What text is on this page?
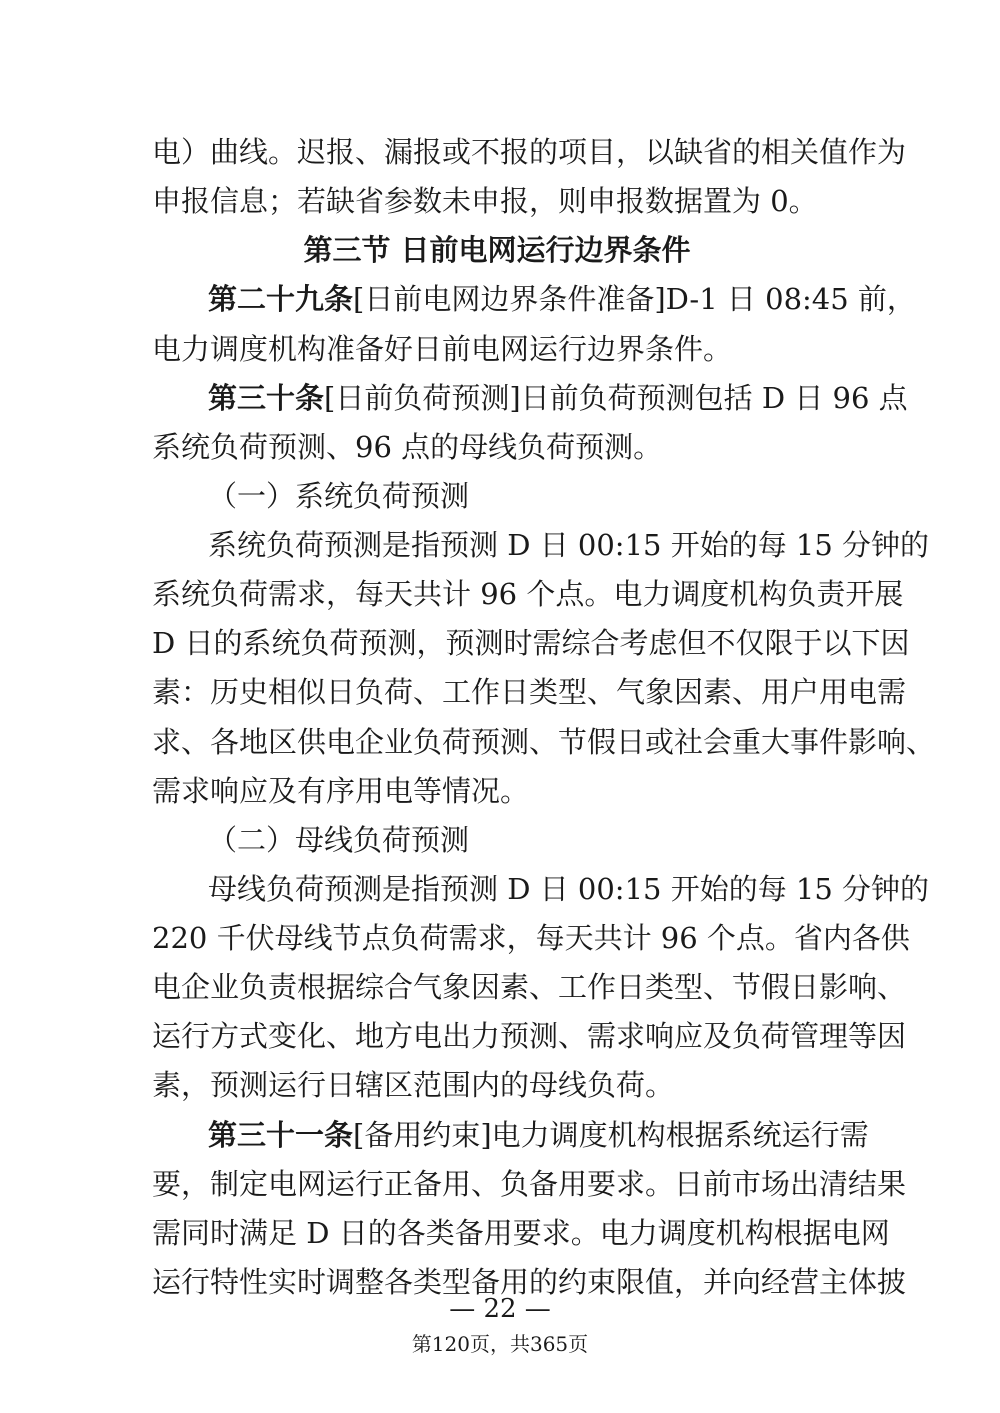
电）曲线。迟报、漏报或不报的项目，以缺省的相关值作为
申报信息；若缺省参数未申报，则申报数据置为 0。
第三节 日前电网运行边界条件
第二十九条[日前电网边界条件准备]D-1 日 08:45 前，
电力调度机构准备好日前电网运行边界条件。
第三十条[日前负荷预测]日前负荷预测包括 D 日 96 点
系统负荷预测、96 点的母线负荷预测。
（一）系统负荷预测
系统负荷预测是指预测 D 日 00:15 开始的每 15 分钟的
系统负荷需求，每天共计 96 个点。电力调度机构负责开展
D 日的系统负荷预测，预测时需综合考虑但不仅限于以下因
素：历史相似日负荷、工作日类型、气象因素、用户用电需
求、各地区供电企业负荷预测、节假日或社会重大事件影响、
需求响应及有序用电等情况。
（二）母线负荷预测
母线负荷预测是指预测 D 日 00:15 开始的每 15 分钟的
220 千伏母线节点负荷需求，每天共计 96 个点。省内各供
电企业负责根据综合气象因素、工作日类型、节假日影响、
运行方式变化、地方电出力预测、需求响应及负荷管理等因
素，预测运行日辖区范围内的母线负荷。
第三十一条[备用约束]电力调度机构根据系统运行需
要，制定电网运行正备用、负备用要求。日前市场出清结果
— 22 —
第120页，共365页
需同时满足 D 日的各类备用要求。电力调度机构根据电网
运行特性实时调整各类型备用的约束限值，并向经营主体披
